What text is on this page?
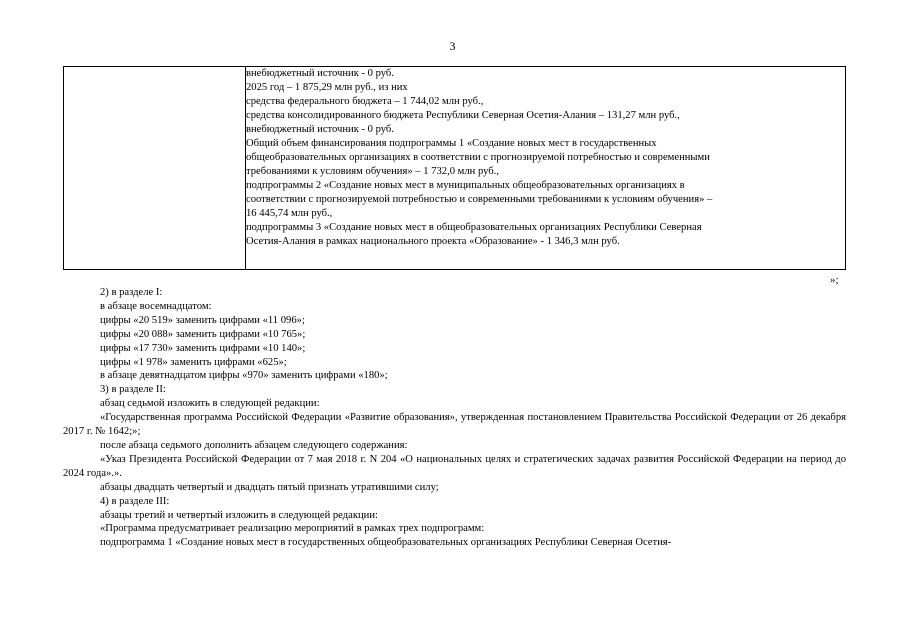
3

внебюджетный источник - 0 руб.
2025 год – 1 875,29 млн руб., из них
средства федерального бюджета – 1 744,02 млн руб.,
средства консолидированного бюджета Республики Северная Осетия-Алания – 131,27 млн руб.,
внебюджетный источник - 0 руб.
Общий объем финансирования подпрограммы 1 «Создание новых мест в государственных
общеобразовательных организациях в соответствии с прогнозируемой потребностью и современными
требованиями к условиям обучения» – 1 732,0 млн руб.,
подпрограммы 2 «Создание новых мест в муниципальных общеобразовательных организациях в
соответствии с прогнозируемой потребностью и современными требованиями к условиям обучения» –
16 445,74 млн руб.,
подпрограммы 3 «Создание новых мест в общеобразовательных организациях Республики Северная
Осетия-Алания в рамках национального проекта «Образование» - 1 346,3 млн руб.
»;

2) в разделе I:

в абзаце восемнадцатом:

цифры «20 519» заменить цифрами «11 096»;

цифры «20 088» заменить цифрами «10 765»;

цифры «17 730» заменить цифрами «10 140»;

цифры «1 978» заменить цифрами «625»;

в абзаце девятнадцатом цифры «970» заменить цифрами «180»;

3) в разделе II:

абзац седьмой изложить в следующей редакции:

«Государственная программа Российской Федерации «Развитие образования», утвержденная постановлением Правительства Российской Федерации от 26 декабря 2017 г. № 1642;»;

после абзаца седьмого дополнить абзацем следующего содержания:

«Указ Президента Российской Федерации от 7 мая 2018 г. N 204 «О национальных целях и стратегических задачах развития Российской Федерации на период до 2024 года».».

абзацы двадцать четвертый и двадцать пятый признать утратившими силу;

4) в разделе III:

абзацы третий и четвертый изложить в следующей редакции:

«Программа предусматривает реализацию мероприятий в рамках трех подпрограмм:

подпрограмма 1 «Создание новых мест в государственных общеобразовательных организациях Республики Северная Осетия-
